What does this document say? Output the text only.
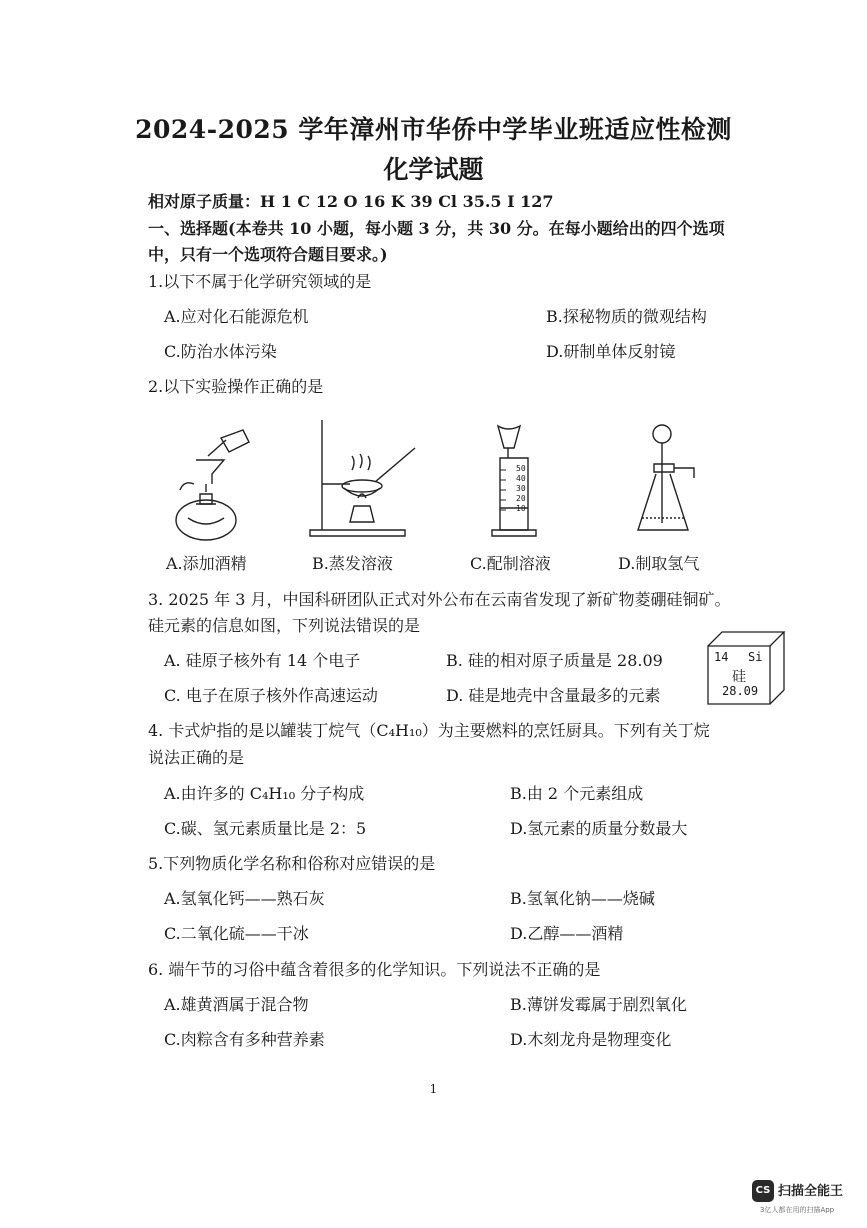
2024-2025 学年漳州市华侨中学毕业班适应性检测
化学试题
相对原子质量：H 1 C 12 O 16 K 39 Cl 35.5 I 127
一、选择题(本卷共 10 小题，每小题 3 分，共 30 分。在每小题给出的四个选项
中，只有一个选项符合题目要求。)
1.以下不属于化学研究领域的是
A.应对化石能源危机	B.探秘物质的微观结构
C.防治水体污染	D.研制单体反射镜
2.以下实验操作正确的是
50
40
30
20
10
A.添加酒精	B.蒸发溶液	C.配制溶液	D.制取氢气
3. 2025 年 3 月，中国科研团队正式对外公布在云南省发现了新矿物菱硼硅铜矿。
硅元素的信息如图，下列说法错误的是
A. 硅原子核外有 14 个电子	B. 硅的相对原子质量是 28.09
C. 电子在原子核外作高速运动	D. 硅是地壳中含量最多的元素
14 Si
硅
28.09
4. 卡式炉指的是以罐装丁烷气（C₄H₁₀）为主要燃料的烹饪厨具。下列有关丁烷
说法正确的是
A.由许多的 C₄H₁₀ 分子构成	B.由 2 个元素组成
C.碳、氢元素质量比是 2：5	D.氢元素的质量分数最大
5.下列物质化学名称和俗称对应错误的是
A.氢氧化钙——熟石灰	B.氢氧化钠——烧碱
C.二氧化硫——干冰	D.乙醇——酒精
6. 端午节的习俗中蕴含着很多的化学知识。下列说法不正确的是
A.雄黄酒属于混合物	B.薄饼发霉属于剧烈氧化
C.肉粽含有多种营养素	D.木刻龙舟是物理变化
1
CS 扫描全能王
3亿人都在用的扫描App
